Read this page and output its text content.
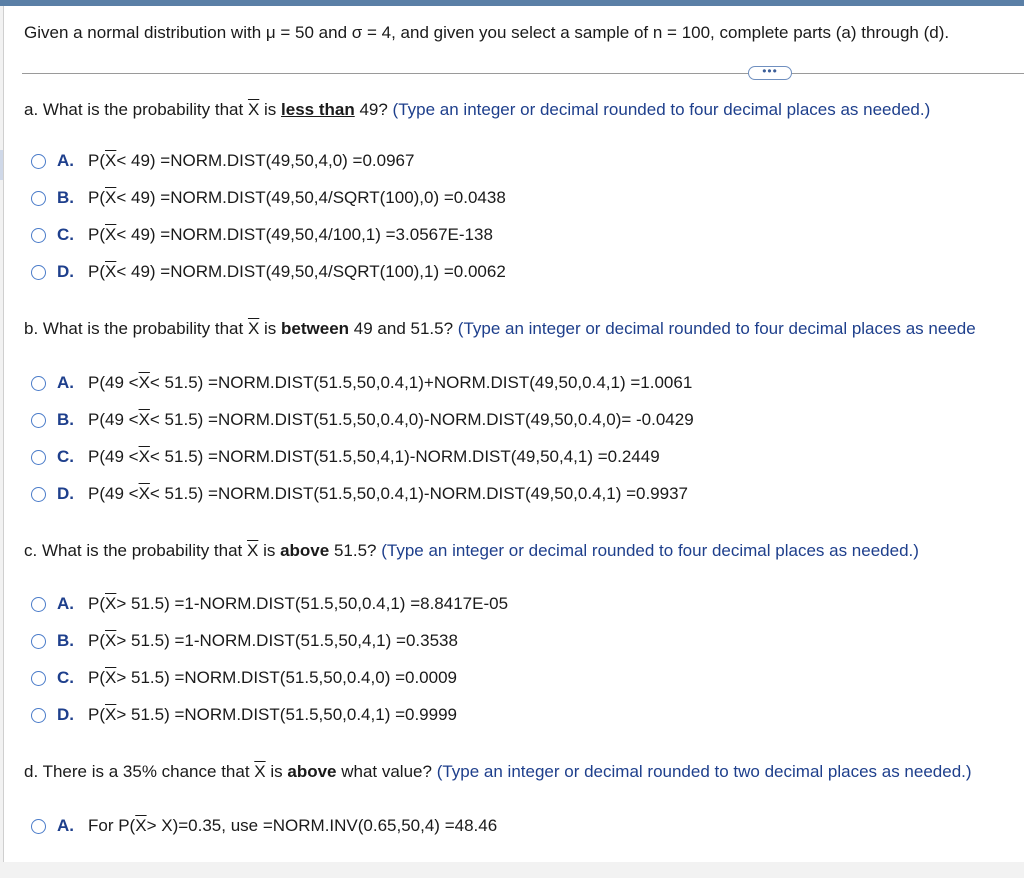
Given a normal distribution with μ = 50 and σ = 4, and given you select a sample of n = 100, complete parts (a) through (d).
•••
a. What is the probability that $\overline{X}$ is less than 49? (Type an integer or decimal rounded to four decimal places as needed.)
A. P( $\overline{X} < 49$) =NORM.DIST(49,50,4,0) =0.0967
B. P( $\overline{X} < 49$) =NORM.DIST(49,50,4/SQRT(100),0) =0.0438
C. P( $\overline{X} < 49$) =NORM.DIST(49,50,4/100,1) =3.0567E-138
D. P( $\overline{X} < 49$) =NORM.DIST(49,50,4/SQRT(100),1) =0.0062
b. What is the probability that $\overline{X}$ is between 49 and 51.5? (Type an integer or decimal rounded to four decimal places as neede
A. $P(49 < \overline{X} < 51.5)$ =NORM.DIST(51.5,50,0.4,1)+NORM.DIST(49,50,0.4,1) =1.0061
B. $P(49 < \overline{X} < 51.5)$ =NORM.DIST(51.5,50,0.4,0)-NORM.DIST(49,50,0.4,0)= -0.0429
C. $P(49 < \overline{X} < 51.5)$ =NORM.DIST(51.5,50,4,1)-NORM.DIST(49,50,4,1) =0.2449
D. $P(49 < \overline{X} < 51.5)$ =NORM.DIST(51.5,50,0.4,1)-NORM.DIST(49,50,0.4,1) =0.9937
c. What is the probability that $\overline{X}$ is above 51.5? (Type an integer or decimal rounded to four decimal places as needed.)
A. P( $\overline{X} > 51.5$) =1-NORM.DIST(51.5,50,0.4,1) =8.8417E-05
B. P( $\overline{X} > 51.5$) =1-NORM.DIST(51.5,50,4,1) =0.3538
C. P( $\overline{X} > 51.5$) =NORM.DIST(51.5,50,0.4,0) =0.0009
D. P( $\overline{X} > 51.5$) =NORM.DIST(51.5,50,0.4,1) =0.9999
d. There is a 35% chance that $\overline{X}$ is above what value? (Type an integer or decimal rounded to two decimal places as needed.)
A. For P( $\overline{X} > X)=0.35$, use =NORM.INV(0.65,50,4) =48.46
